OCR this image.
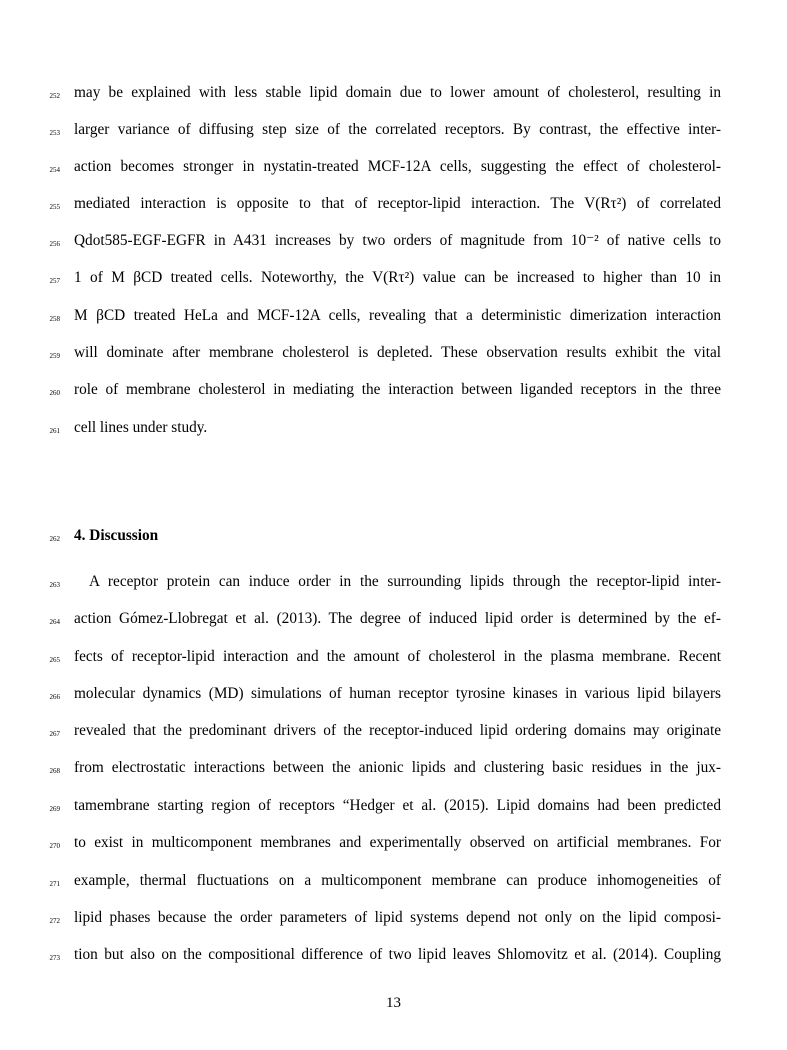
252 may be explained with less stable lipid domain due to lower amount of cholesterol, resulting in
253 larger variance of diffusing step size of the correlated receptors. By contrast, the effective inter-
254 action becomes stronger in nystatin-treated MCF-12A cells, suggesting the effect of cholesterol-
255 mediated interaction is opposite to that of receptor-lipid interaction. The V(Rτ²) of correlated
256 Qdot585-EGF-EGFR in A431 increases by two orders of magnitude from 10⁻² of native cells to
257 1 of M βCD treated cells. Noteworthy, the V(Rτ²) value can be increased to higher than 10 in
258 M βCD treated HeLa and MCF-12A cells, revealing that a deterministic dimerization interaction
259 will dominate after membrane cholesterol is depleted. These observation results exhibit the vital
260 role of membrane cholesterol in mediating the interaction between liganded receptors in the three
261 cell lines under study.
262 4. Discussion
263 A receptor protein can induce order in the surrounding lipids through the receptor-lipid inter-
264 action Gómez-Llobregat et al. (2013). The degree of induced lipid order is determined by the ef-
265 fects of receptor-lipid interaction and the amount of cholesterol in the plasma membrane. Recent
266 molecular dynamics (MD) simulations of human receptor tyrosine kinases in various lipid bilayers
267 revealed that the predominant drivers of the receptor-induced lipid ordering domains may originate
268 from electrostatic interactions between the anionic lipids and clustering basic residues in the jux-
269 tamembrane starting region of receptors “Hedger et al. (2015). Lipid domains had been predicted
270 to exist in multicomponent membranes and experimentally observed on artificial membranes. For
271 example, thermal fluctuations on a multicomponent membrane can produce inhomogeneities of
272 lipid phases because the order parameters of lipid systems depend not only on the lipid composi-
273 tion but also on the compositional difference of two lipid leaves Shlomovitz et al. (2014). Coupling
13
